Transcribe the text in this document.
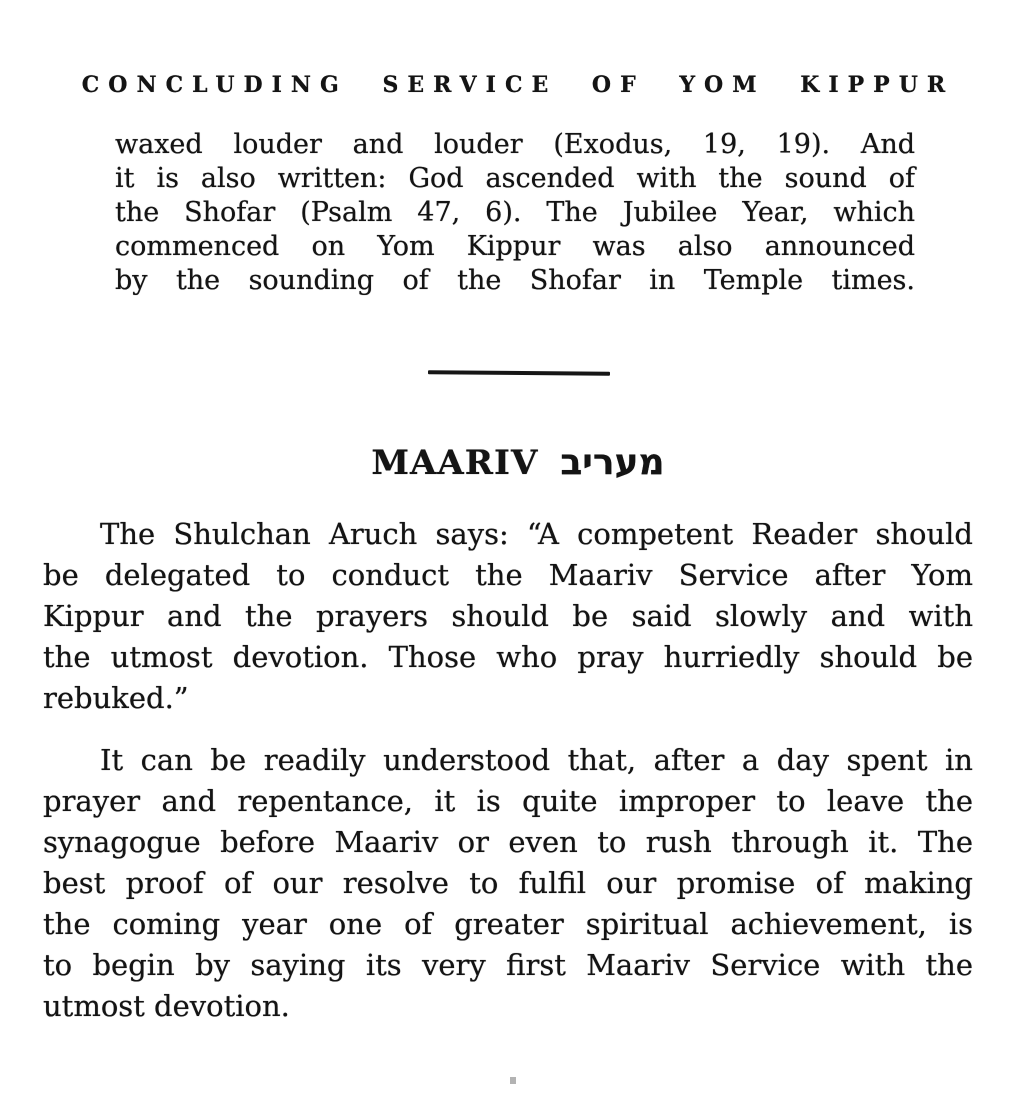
CONCLUDING SERVICE OF YOM KIPPUR
waxed louder and louder (Exodus, 19, 19). And
it is also written: God ascended with the sound of
the Shofar (Psalm 47, 6). The Jubilee Year, which
commenced on Yom Kippur was also announced
by the sounding of the Shofar in Temple times.
MAARIV מעריב
The Shulchan Aruch says: “A competent Reader should
be delegated to conduct the Maariv Service after Yom
Kippur and the prayers should be said slowly and with
the utmost devotion. Those who pray hurriedly should be
rebuked.”
It can be readily understood that, after a day spent in
prayer and repentance, it is quite improper to leave the
synagogue before Maariv or even to rush through it. The
best proof of our resolve to fulfil our promise of making
the coming year one of greater spiritual achievement, is
to begin by saying its very first Maariv Service with the
utmost devotion.
